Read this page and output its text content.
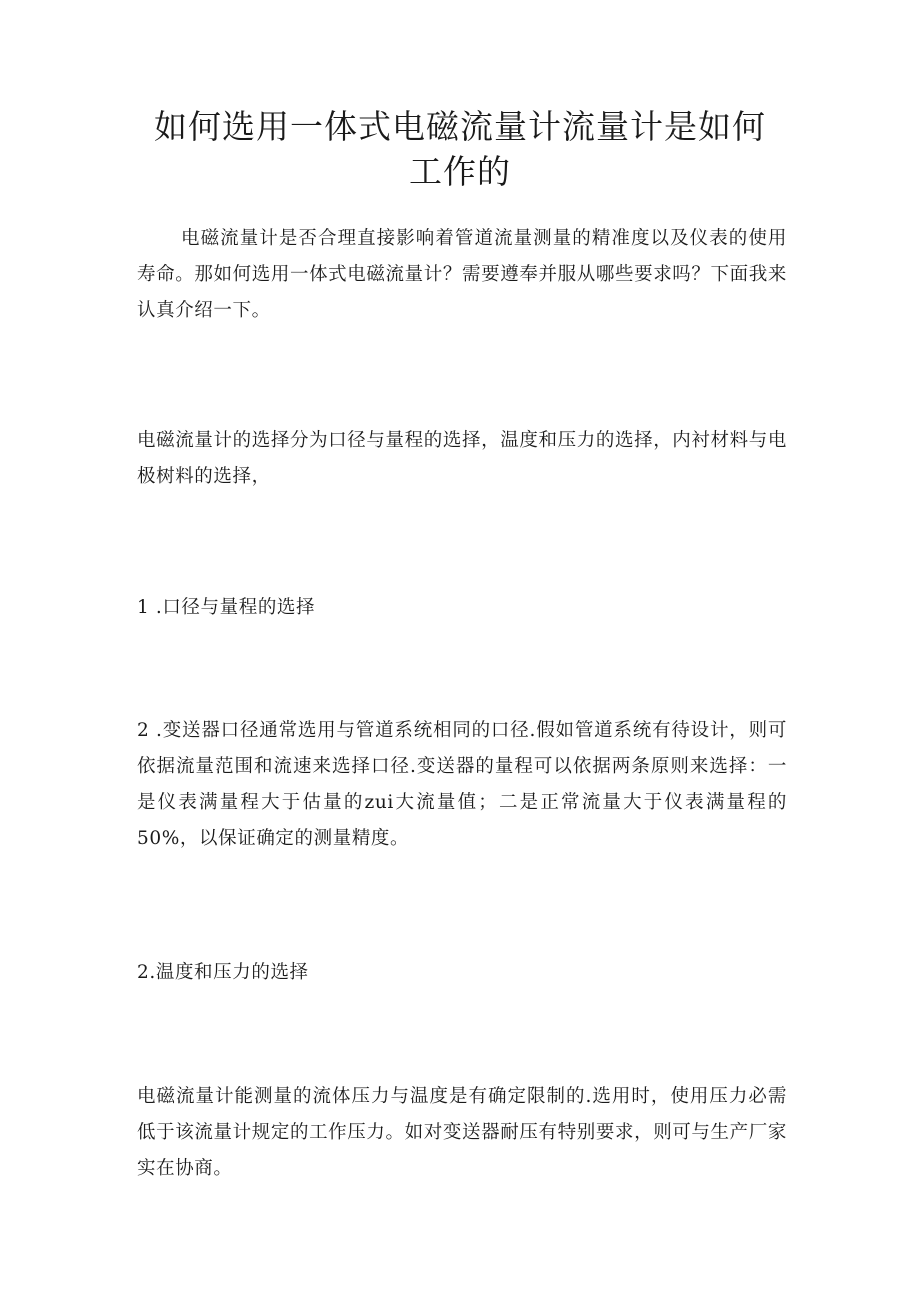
如何选用一体式电磁流量计流量计是如何工作的

电磁流量计是否合理直接影响着管道流量测量的精准度以及仪表的使用寿命。那如何选用一体式电磁流量计？需要遵奉并服从哪些要求吗？下面我来认真介绍一下。

电磁流量计的选择分为口径与量程的选择，温度和压力的选择，内衬材料与电极树料的选择，

1 .口径与量程的选择

2 .变送器口径通常选用与管道系统相同的口径.假如管道系统有待设计，则可依据流量范围和流速来选择口径.变送器的量程可以依据两条原则来选择：一是仪表满量程大于估量的zui大流量值；二是正常流量大于仪表满量程的50%，以保证确定的测量精度。

2.温度和压力的选择

电磁流量计能测量的流体压力与温度是有确定限制的.选用时，使用压力必需低于该流量计规定的工作压力。如对变送器耐压有特别要求，则可与生产厂家实在协商。
